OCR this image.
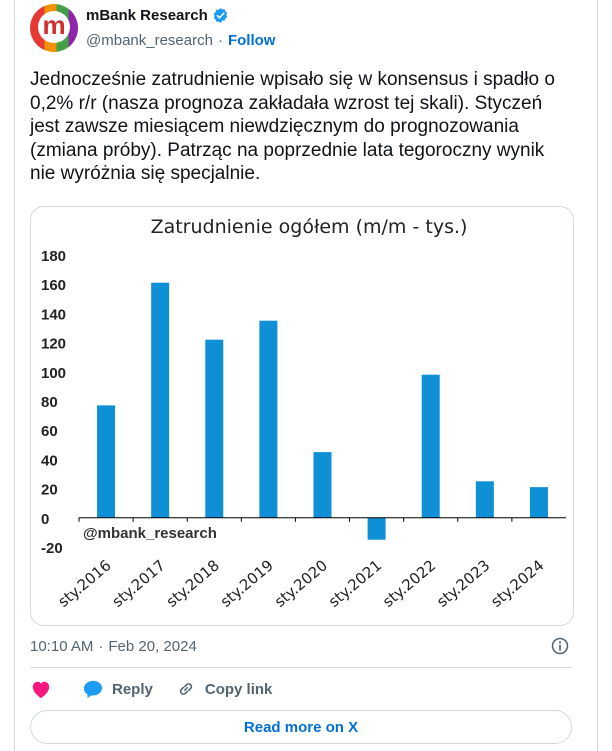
m mBank Research
@mbank_research · Follow
Jednocześnie zatrudnienie wpisało się w konsensus i spadło o 0,2% r/r (nasza prognoza zakładała wzrost tej skali). Styczeń jest zawsze miesiącem niewdzięcznym do prognozowania (zmiana próby). Patrząc na poprzednie lata tegoroczny wynik nie wyróżnia się specjalnie.
Zatrudnienie ogółem (m/m - tys.)
180
160
140
120
100
80
60
40
20
0
-20
@mbank_research
sty.2016
sty.2017
sty.2018
sty.2019
sty.2020
sty.2021
sty.2022
sty.2023
sty.2024
10:10 AM · Feb 20, 2024
Reply	Copy link
Read more on X
